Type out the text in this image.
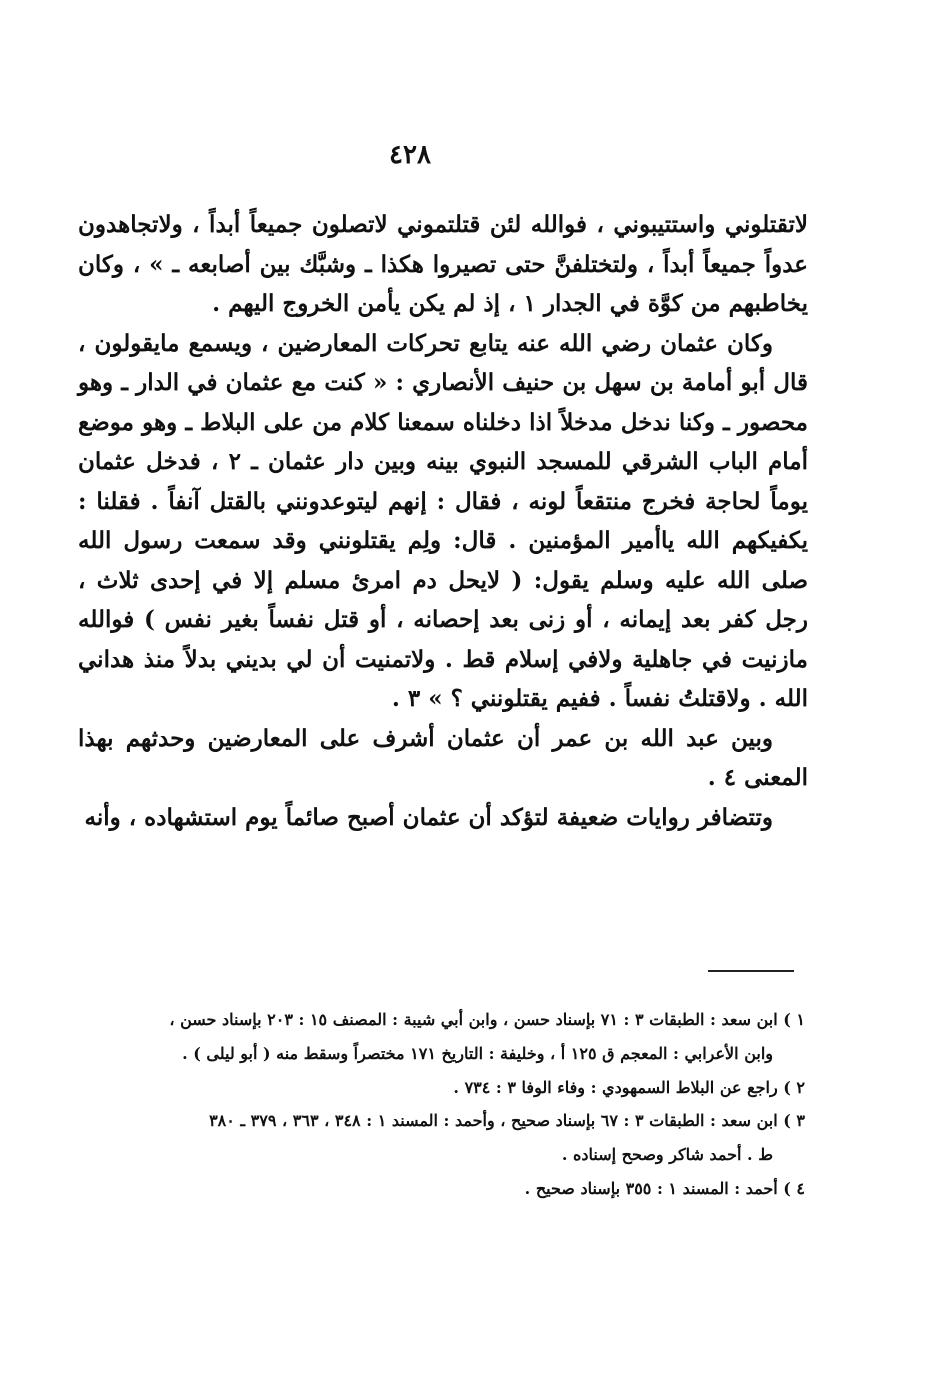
٤٢٨

لاتقتلوني واستتيبوني ، فوالله لئن قتلتموني لاتصلون جميعاً أبداً ، ولاتجاهدون عدواً جميعاً أبداً ، ولتختلفنَّ حتى تصيروا هكذا ـ وشبَّك بين أصابعه ـ » ، وكان يخاطبهم من كوَّة في الجدار ١ ، إذ لم يكن يأمن الخروج اليهم .

وكان عثمان رضي الله عنه يتابع تحركات المعارضين ، ويسمع مايقولون ، قال أبو أمامة بن سهل بن حنيف الأنصاري : « كنت مع عثمان في الدار ـ وهو محصور ـ وكنا ندخل مدخلاً اذا دخلناه سمعنا كلام من على البلاط ـ وهو موضع أمام الباب الشرقي للمسجد النبوي بينه وبين دار عثمان ـ ٢ ، فدخل عثمان يوماً لحاجة فخرج منتقعاً لونه ، فقال : إنهم ليتوعدونني بالقتل آنفاً . فقلنا : يكفيكهم الله ياأمير المؤمنين . قال: ولِم يقتلونني وقد سمعت رسول الله صلى الله عليه وسلم يقول: ( لايحل دم امرئ مسلم إلا في إحدى ثلاث ، رجل كفر بعد إيمانه ، أو زنى بعد إحصانه ، أو قتل نفساً بغير نفس ) فوالله مازنيت في جاهلية ولافي إسلام قط . ولاتمنيت أن لي بديني بدلاً منذ هداني الله . ولاقتلتُ نفساً . ففيم يقتلونني ؟ » ٣ .

وبين عبد الله بن عمر أن عثمان أشرف على المعارضين وحدثهم بهذا المعنى ٤ .

وتتضافر روايات ضعيفة لتؤكد أن عثمان أصبح صائماً يوم استشهاده ، وأنه

١ ) ابن سعد : الطبقات ٣ : ٧١ بإسناد حسن ، وابن أبي شيبة : المصنف ١٥ : ٢٠٣ بإسناد حسن ،

وابن الأعرابي : المعجم ق ١٢٥ أ ، وخليفة : التاريخ ١٧١ مختصراً وسقط منه ( أبو ليلى ) .

٢ ) راجع عن البلاط السمهودي : وفاء الوفا ٣ : ٧٣٤ .

٣ ) ابن سعد : الطبقات ٣ : ٦٧ بإسناد صحيح ، وأحمد : المسند ١ : ٣٤٨ ، ٣٦٣ ، ٣٧٩ ـ ٣٨٠

ط . أحمد شاكر وصحح إسناده .

٤ ) أحمد : المسند ١ : ٣٥٥ بإسناد صحيح .
